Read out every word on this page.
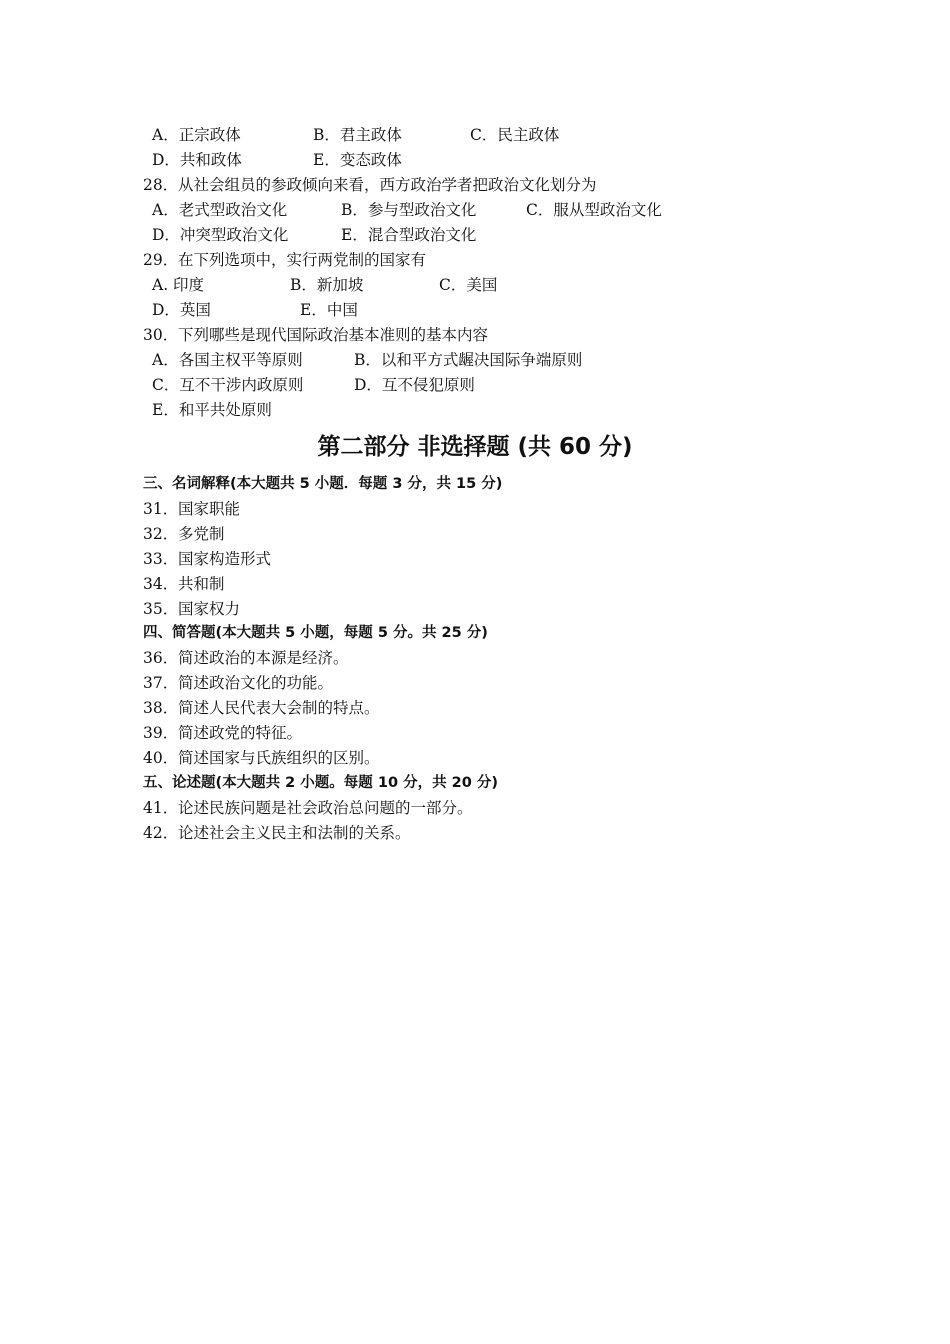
A．正宗政体	B．君主政体	C．民主政体
D．共和政体	E．变态政体
28． 从社会组员的参政倾向来看，西方政治学者把政治文化划分为
A．老式型政治文化	B．参与型政治文化	C．服从型政治文化
D．冲突型政治文化	E．混合型政治文化
29． 在下列选项中，实行两党制的国家有
A. 印度	B．新加坡	C．美国
D．英国	E．中国
30． 下列哪些是现代国际政治基本准则的基本内容
A．各国主权平等原则	B．以和平方式龌决国际争端原则
C．互不干涉内政原则	D．互不侵犯原则
E．和平共处原则
第二部分 非选择题 (共 60 分)
三、名词解释(本大题共 5 小题．每题 3 分，共 15 分)
31． 国家职能
32． 多党制
33． 国家构造形式
34． 共和制
35． 国家权力
四、简答题(本大题共 5 小题，每题 5 分。共 25 分)
36． 简述政治的本源是经济。
37． 简述政治文化的功能。
38． 简述人民代表大会制的特点。
39． 简述政党的特征。
40． 简述国家与氏族组织的区别。
五、论述题(本大题共 2 小题。每题 10 分，共 20 分)
41． 论述民族问题是社会政治总问题的一部分。
42． 论述社会主义民主和法制的关系。
